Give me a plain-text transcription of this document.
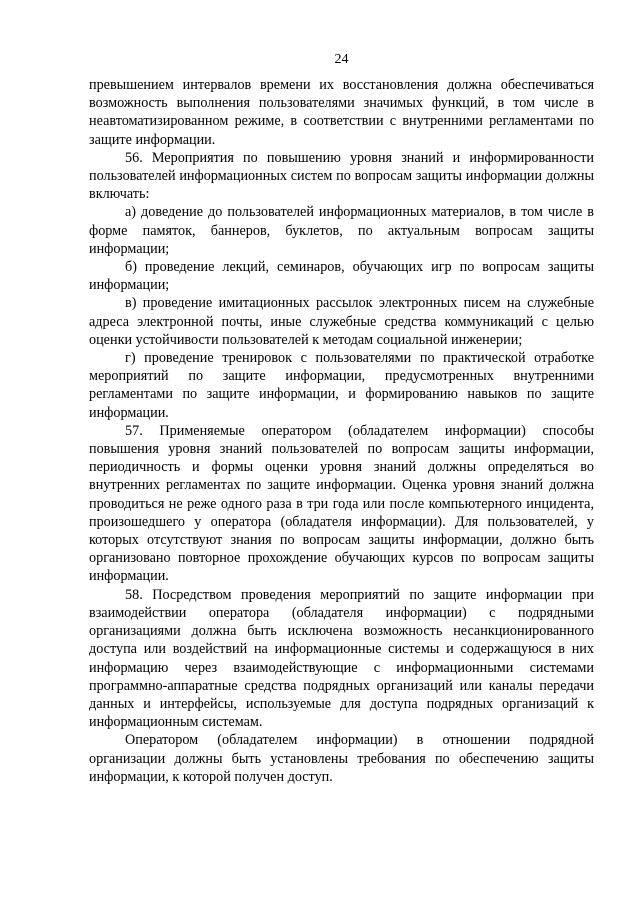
24

превышением интервалов времени их восстановления должна обеспечиваться возможность выполнения пользователями значимых функций, в том числе в неавтоматизированном режиме, в соответствии с внутренними регламентами по защите информации.

56. Мероприятия по повышению уровня знаний и информированности пользователей информационных систем по вопросам защиты информации должны включать:

а) доведение до пользователей информационных материалов, в том числе в форме памяток, баннеров, буклетов, по актуальным вопросам защиты информации;

б) проведение лекций, семинаров, обучающих игр по вопросам защиты информации;

в) проведение имитационных рассылок электронных писем на служебные адреса электронной почты, иные служебные средства коммуникаций с целью оценки устойчивости пользователей к методам социальной инженерии;

г) проведение тренировок с пользователями по практической отработке мероприятий по защите информации, предусмотренных внутренними регламентами по защите информации, и формированию навыков по защите информации.

57. Применяемые оператором (обладателем информации) способы повышения уровня знаний пользователей по вопросам защиты информации, периодичность и формы оценки уровня знаний должны определяться во внутренних регламентах по защите информации. Оценка уровня знаний должна проводиться не реже одного раза в три года или после компьютерного инцидента, произошедшего у оператора (обладателя информации). Для пользователей, у которых отсутствуют знания по вопросам защиты информации, должно быть организовано повторное прохождение обучающих курсов по вопросам защиты информации.

58. Посредством проведения мероприятий по защите информации при взаимодействии оператора (обладателя информации) с подрядными организациями должна быть исключена возможность несанкционированного доступа или воздействий на информационные системы и содержащуюся в них информацию через взаимодействующие с информационными системами программно-аппаратные средства подрядных организаций или каналы передачи данных и интерфейсы, используемые для доступа подрядных организаций к информационным системам.

Оператором (обладателем информации) в отношении подрядной организации должны быть установлены требования по обеспечению защиты информации, к которой получен доступ.
